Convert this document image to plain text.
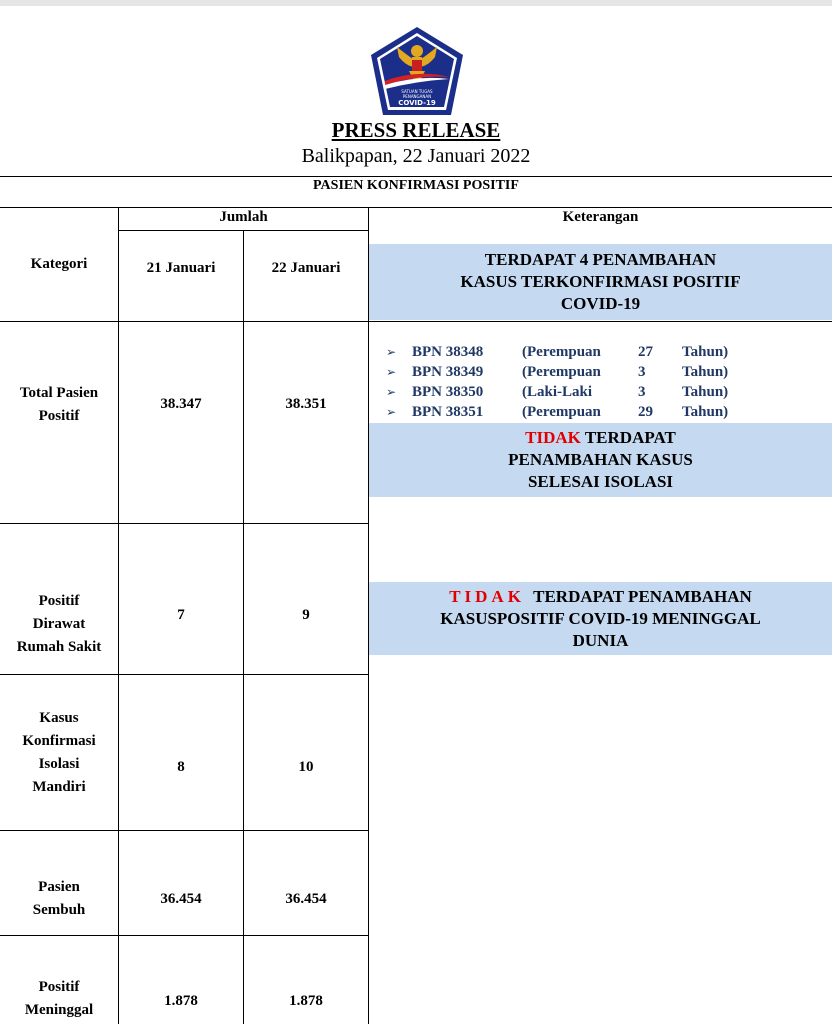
SATUAN TUGAS
PENANGANAN
COVID-19
KOTA BALIKPAPAN
PRESS RELEASE
Balikpapan, 22 Januari 2022
PASIEN KONFIRMASI POSITIF
Kategori
Jumlah
21 Januari	22 Januari
Keterangan
Total Pasien
Positif
38.347	38.351
Positif
Dirawat
Rumah Sakit
7	9
Kasus
Konfirmasi
Isolasi
Mandiri
8	10
Pasien
Sembuh
36.454	36.454
Positif
Meninggal
1.878	1.878
TERDAPAT 4 PENAMBAHAN
KASUS TERKONFIRMASI POSITIF
COVID-19
➢	BPN 38348	(Perempuan	27	Tahun)
➢	BPN 38349	(Perempuan	3	Tahun)
➢	BPN 38350	(Laki-Laki	3	Tahun)
➢	BPN 38351	(Perempuan	29	Tahun)
TIDAK TERDAPAT
PENAMBAHAN KASUS
SELESAI ISOLASI
TIDAK  TERDAPAT PENAMBAHAN
KASUSPOSITIF COVID-19 MENINGGAL
DUNIA
